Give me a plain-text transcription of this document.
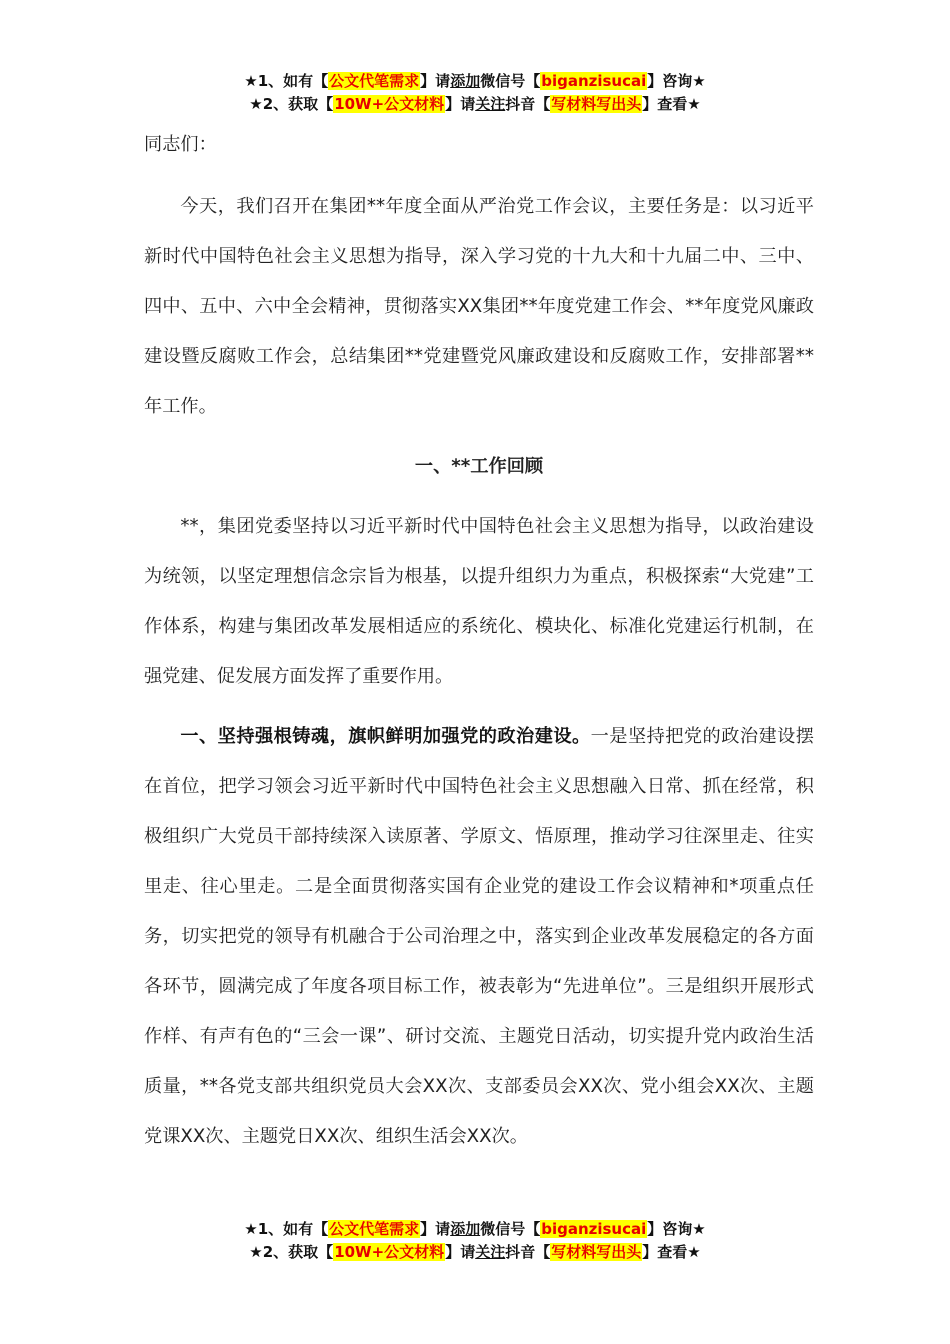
★1、如有【公文代笔需求】请添加微信号【biganzisucai】咨询★
★2、获取【10W+公文材料】请关注抖音【写材料写出头】查看★
同志们：

今天，我们召开在集团**年度全面从严治党工作会议，主要任务是：以习近平新时代中国特色社会主义思想为指导，深入学习党的十九大和十九届二中、三中、四中、五中、六中全会精神，贯彻落实XX集团**年度党建工作会、**年度党风廉政建设暨反腐败工作会，总结集团**党建暨党风廉政建设和反腐败工作，安排部署**年工作。

一、**工作回顾

**，集团党委坚持以习近平新时代中国特色社会主义思想为指导，以政治建设为统领，以坚定理想信念宗旨为根基，以提升组织力为重点，积极探索“大党建”工作体系，构建与集团改革发展相适应的系统化、模块化、标准化党建运行机制，在强党建、促发展方面发挥了重要作用。

一、坚持强根铸魂，旗帜鲜明加强党的政治建设。一是坚持把党的政治建设摆在首位，把学习领会习近平新时代中国特色社会主义思想融入日常、抓在经常，积极组织广大党员干部持续深入读原著、学原文、悟原理，推动学习往深里走、往实里走、往心里走。二是全面贯彻落实国有企业党的建设工作会议精神和*项重点任务，切实把党的领导有机融合于公司治理之中，落实到企业改革发展稳定的各方面各环节，圆满完成了年度各项目标工作，被表彰为“先进单位”。三是组织开展形式作样、有声有色的“三会一课”、研讨交流、主题党日活动，切实提升党内政治生活质量，**各党支部共组织党员大会XX次、支部委员会XX次、党小组会XX次、主题党课XX次、主题党日XX次、组织生活会XX次。

★1、如有【公文代笔需求】请添加微信号【biganzisucai】咨询★
★2、获取【10W+公文材料】请关注抖音【写材料写出头】查看★
